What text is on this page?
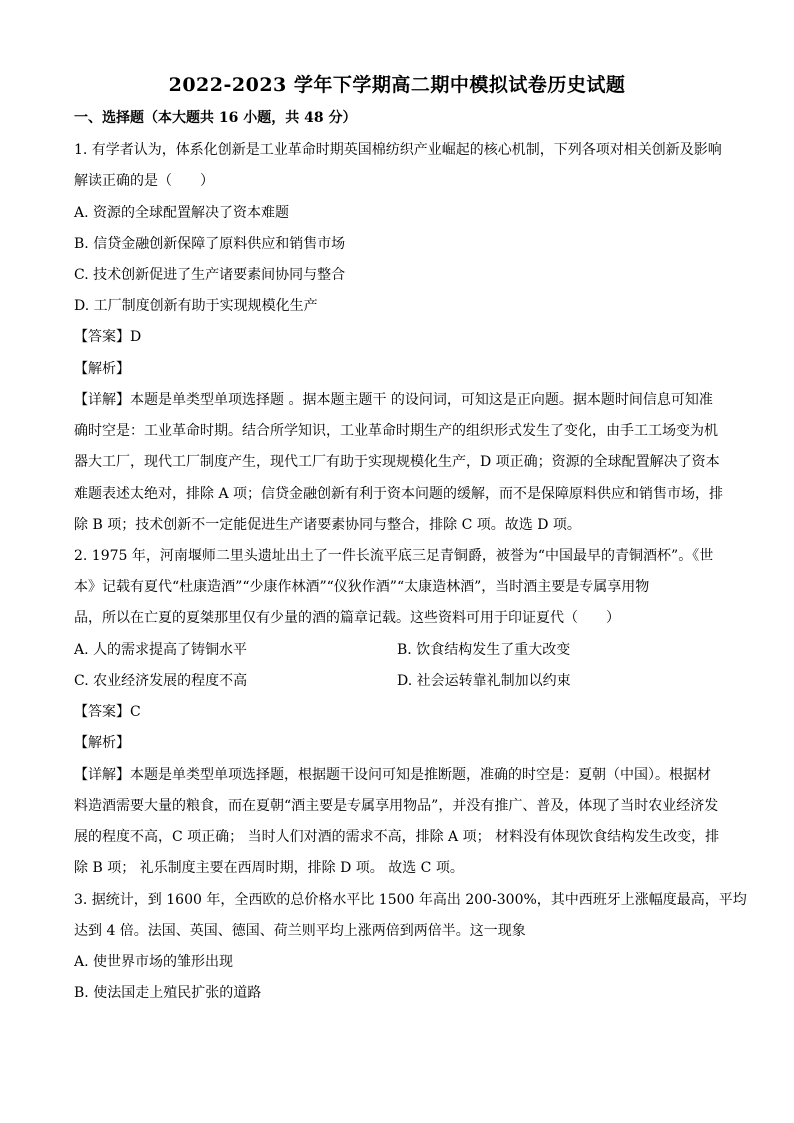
2022-2023 学年下学期高二期中模拟试卷历史试题
一、选择题（本大题共 16 小题，共 48 分）
1. 有学者认为，体系化创新是工业革命时期英国棉纺织产业崛起的核心机制，下列各项对相关创新及影响
解读正确的是（　　）
A. 资源的全球配置解决了资本难题
B. 信贷金融创新保障了原料供应和销售市场
C. 技术创新促进了生产诸要素间协同与整合
D. 工厂制度创新有助于实现规模化生产
【答案】D
【解析】
【详解】本题是单类型单项选择题 。据本题主题干 的设问词，可知这是正向题。据本题时间信息可知准
确时空是：工业革命时期。结合所学知识，工业革命时期生产的组织形式发生了变化，由手工工场变为机
器大工厂，现代工厂制度产生，现代工厂有助于实现规模化生产，D 项正确；资源的全球配置解决了资本
难题表述太绝对，排除 A 项；信贷金融创新有利于资本问题的缓解，而不是保障原料供应和销售市场，排
除 B 项；技术创新不一定能促进生产诸要素协同与整合，排除 C 项。故选 D 项。
2. 1975 年，河南堰师二里头遗址出土了一件长流平底三足青铜爵，被誉为“中国最早的青铜酒杯”。《世
本》记载有夏代“杜康造酒”“少康作林酒”“仪狄作酒”“太康造林酒”，当时酒主要是专属享用物
品，所以在亡夏的夏桀那里仅有少量的酒的篇章记载。这些资料可用于印证夏代（　　）
A. 人的需求提高了铸铜水平	B. 饮食结构发生了重大改变
C. 农业经济发展的程度不高	D. 社会运转靠礼制加以约束
【答案】C
【解析】
【详解】本题是单类型单项选择题，根据题干设问可知是推断题，准确的时空是：夏朝（中国）。根据材
料造酒需要大量的粮食，而在夏朝“酒主要是专属享用物品”，并没有推广、普及，体现了当时农业经济发
展的程度不高，C 项正确； 当时人们对酒的需求不高，排除 A 项； 材料没有体现饮食结构发生改变，排
除 B 项； 礼乐制度主要在西周时期，排除 D 项。 故选 C 项。
3. 据统计，到 1600 年，全西欧的总价格水平比 1500 年高出 200-300%，其中西班牙上涨幅度最高，平均
达到 4 倍。法国、英国、德国、荷兰则平均上涨两倍到两倍半。这一现象
A. 使世界市场的雏形出现
B. 使法国走上殖民扩张的道路
